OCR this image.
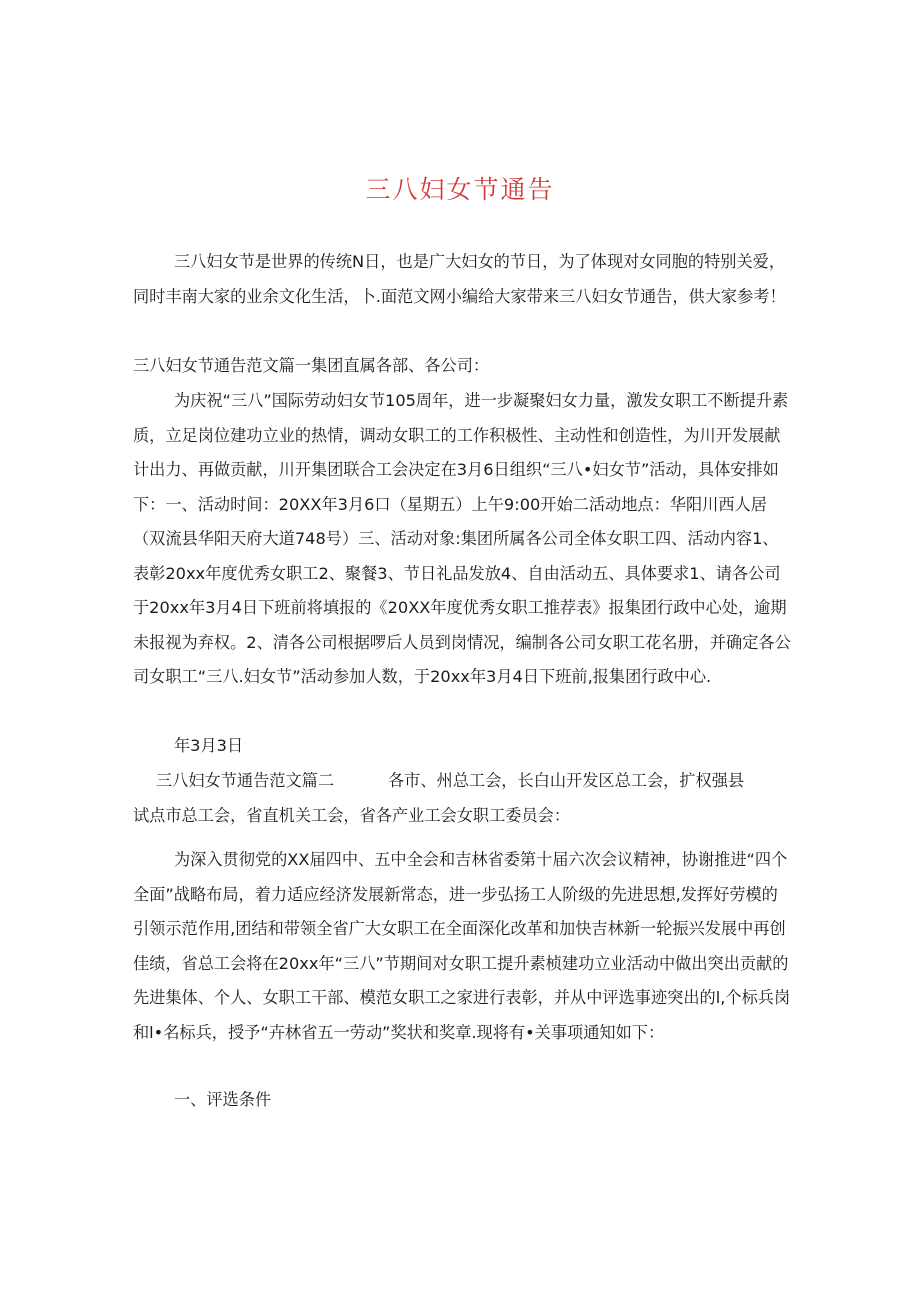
三八妇女节通告

三八妇女节是世界的传统N日，也是广大妇女的节日，为了体现对女同胞的特别关爱，同时丰南大家的业余文化生活，卜.面范文网小编给大家带来三八妇女节通告，供大家参考！

三八妇女节通告范文篇一集团直属各部、各公司：

为庆祝“三八”国际劳动妇女节105周年，进一步凝聚妇女力量，激发女职工不断提升素质，立足岗位建功立业的热情，调动女职工的工作积极性、主动性和创造性，为川开发展献计出力、再做贡献，川开集团联合工会决定在3月6日组织“三八•妇女节”活动，具体安排如下：一、活动时间：20XX年3月6口（星期五）上午9:00开始二活动地点：华阳川西人居（双流县华阳天府大道748号）三、活动对象:集团所属各公司全体女职工四、活动内容1、表彰20xx年度优秀女职工2、聚餐3、节日礼品发放4、自由活动五、具体要求1、请各公司于20xx年3月4日下班前将填报的《20XX年度优秀女职工推荐表》报集团行政中心处，逾期未报视为弃权。2、清各公司根据啰后人员到岗情况，编制各公司女职工花名册，并确定各公司女职工“三八.妇女节”活动参加人数，于20xx年3月4日下班前,报集团行政中心.

年3月3日
三八妇女节通告范文篇二	各市、州总工会，长白山开发区总工会，扩权强县
试点市总工会，省直机关工会，省各产业工会女职工委员会：

为深入贯彻党的XX届四中、五中全会和吉林省委第十届六次会议精神，协谢推进“四个全面”战略布局，着力适应经济发展新常态，进一步弘扬工人阶级的先进思想,发挥好劳模的引领示范作用,团结和带领全省广大女职工在全面深化改革和加快吉林新一轮振兴发展中再创佳绩，省总工会将在20xx年“三八”节期间对女职工提升素桢建功立业活动中做出突出贡献的先进集体、个人、女职工干部、模范女职工之家进行表彰，并从中评选事迹突出的l,个标兵岗和l•名标兵，授予“卉林省五一劳动”奖状和奖章.现将有•关事项通知如下：

一、评选条件
